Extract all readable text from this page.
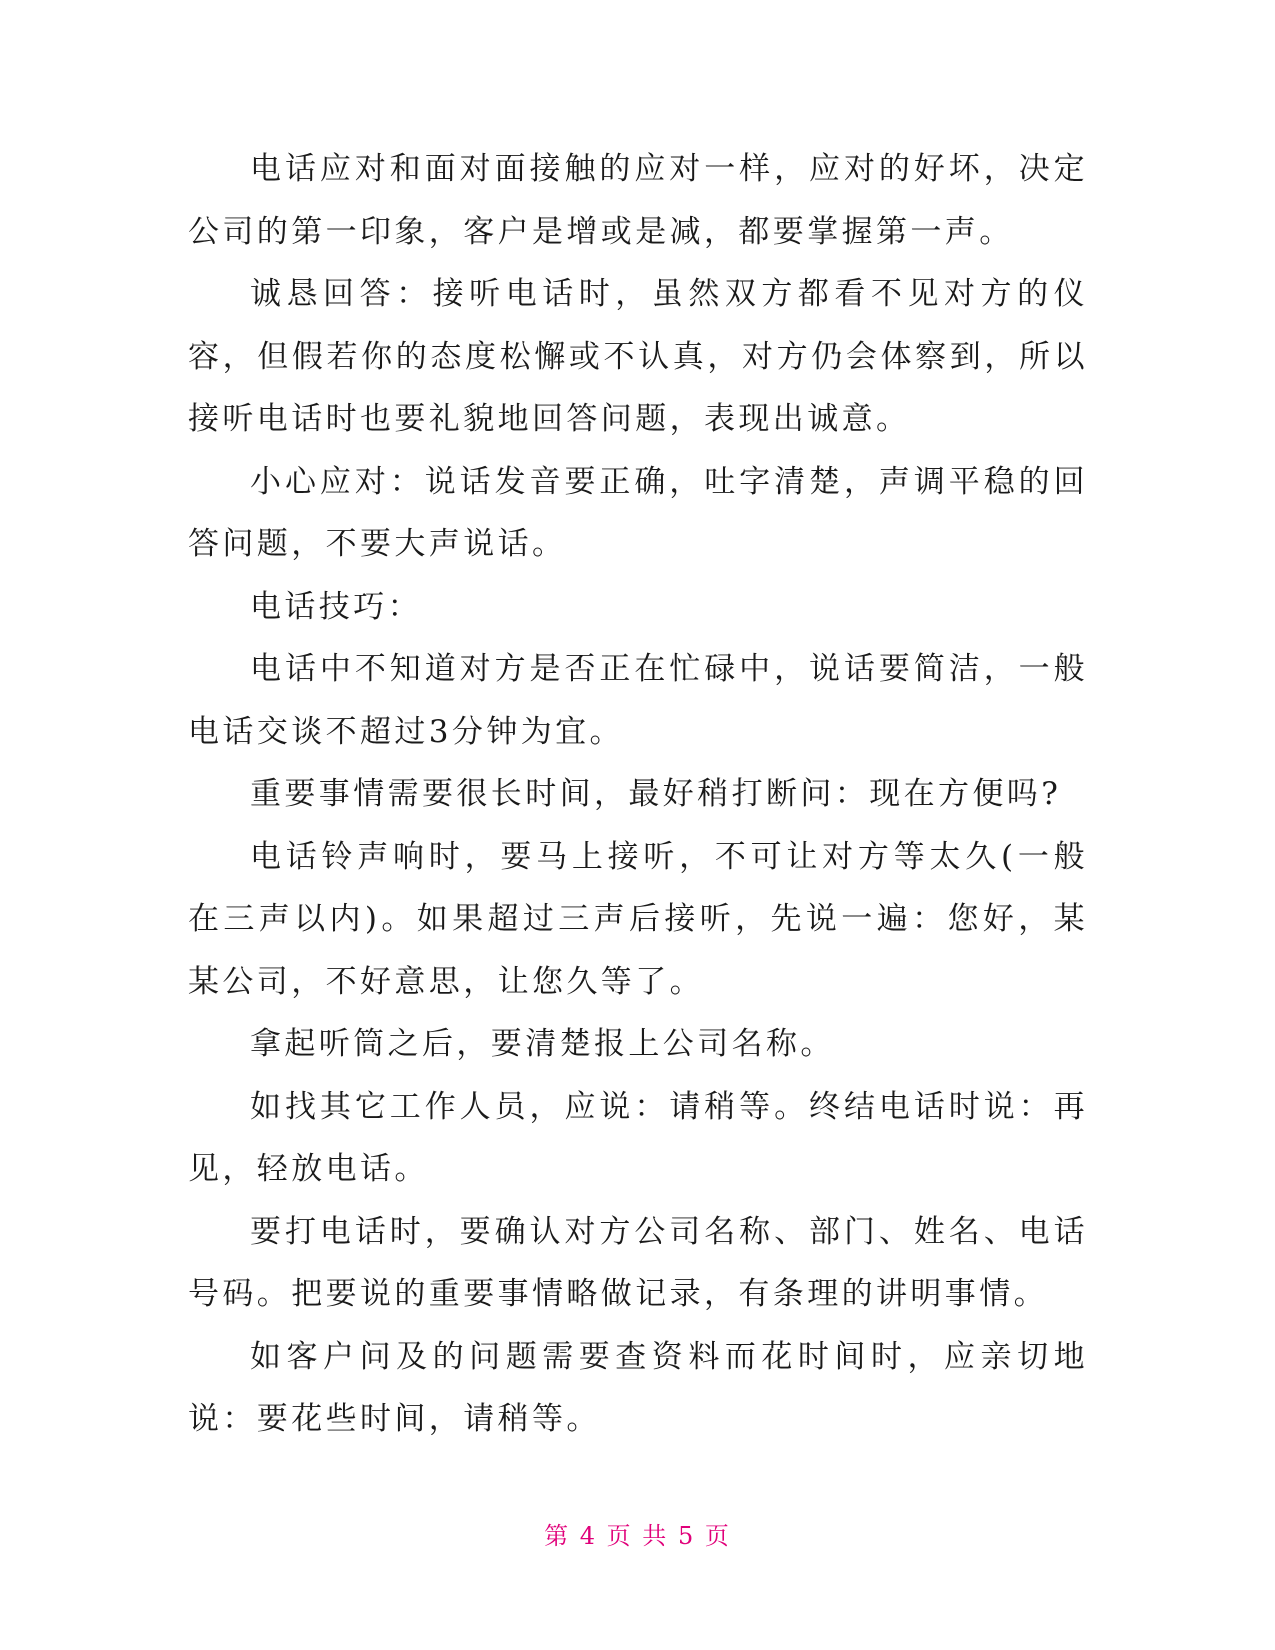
电话应对和面对面接触的应对一样，应对的好坏，决定公司的第一印象，客户是增或是减，都要掌握第一声。

诚恳回答：接听电话时，虽然双方都看不见对方的仪容，但假若你的态度松懈或不认真，对方仍会体察到，所以接听电话时也要礼貌地回答问题，表现出诚意。

小心应对：说话发音要正确，吐字清楚，声调平稳的回答问题，不要大声说话。

电话技巧：

电话中不知道对方是否正在忙碌中，说话要简洁，一般电话交谈不超过3分钟为宜。

重要事情需要很长时间，最好稍打断问：现在方便吗?

电话铃声响时，要马上接听，不可让对方等太久(一般在三声以内)。如果超过三声后接听，先说一遍：您好，某某公司，不好意思，让您久等了。

拿起听筒之后，要清楚报上公司名称。

如找其它工作人员，应说：请稍等。终结电话时说：再见，轻放电话。

要打电话时，要确认对方公司名称、部门、姓名、电话号码。把要说的重要事情略做记录，有条理的讲明事情。

如客户问及的问题需要查资料而花时间时，应亲切地说：要花些时间，请稍等。

第 4 页 共 5 页
